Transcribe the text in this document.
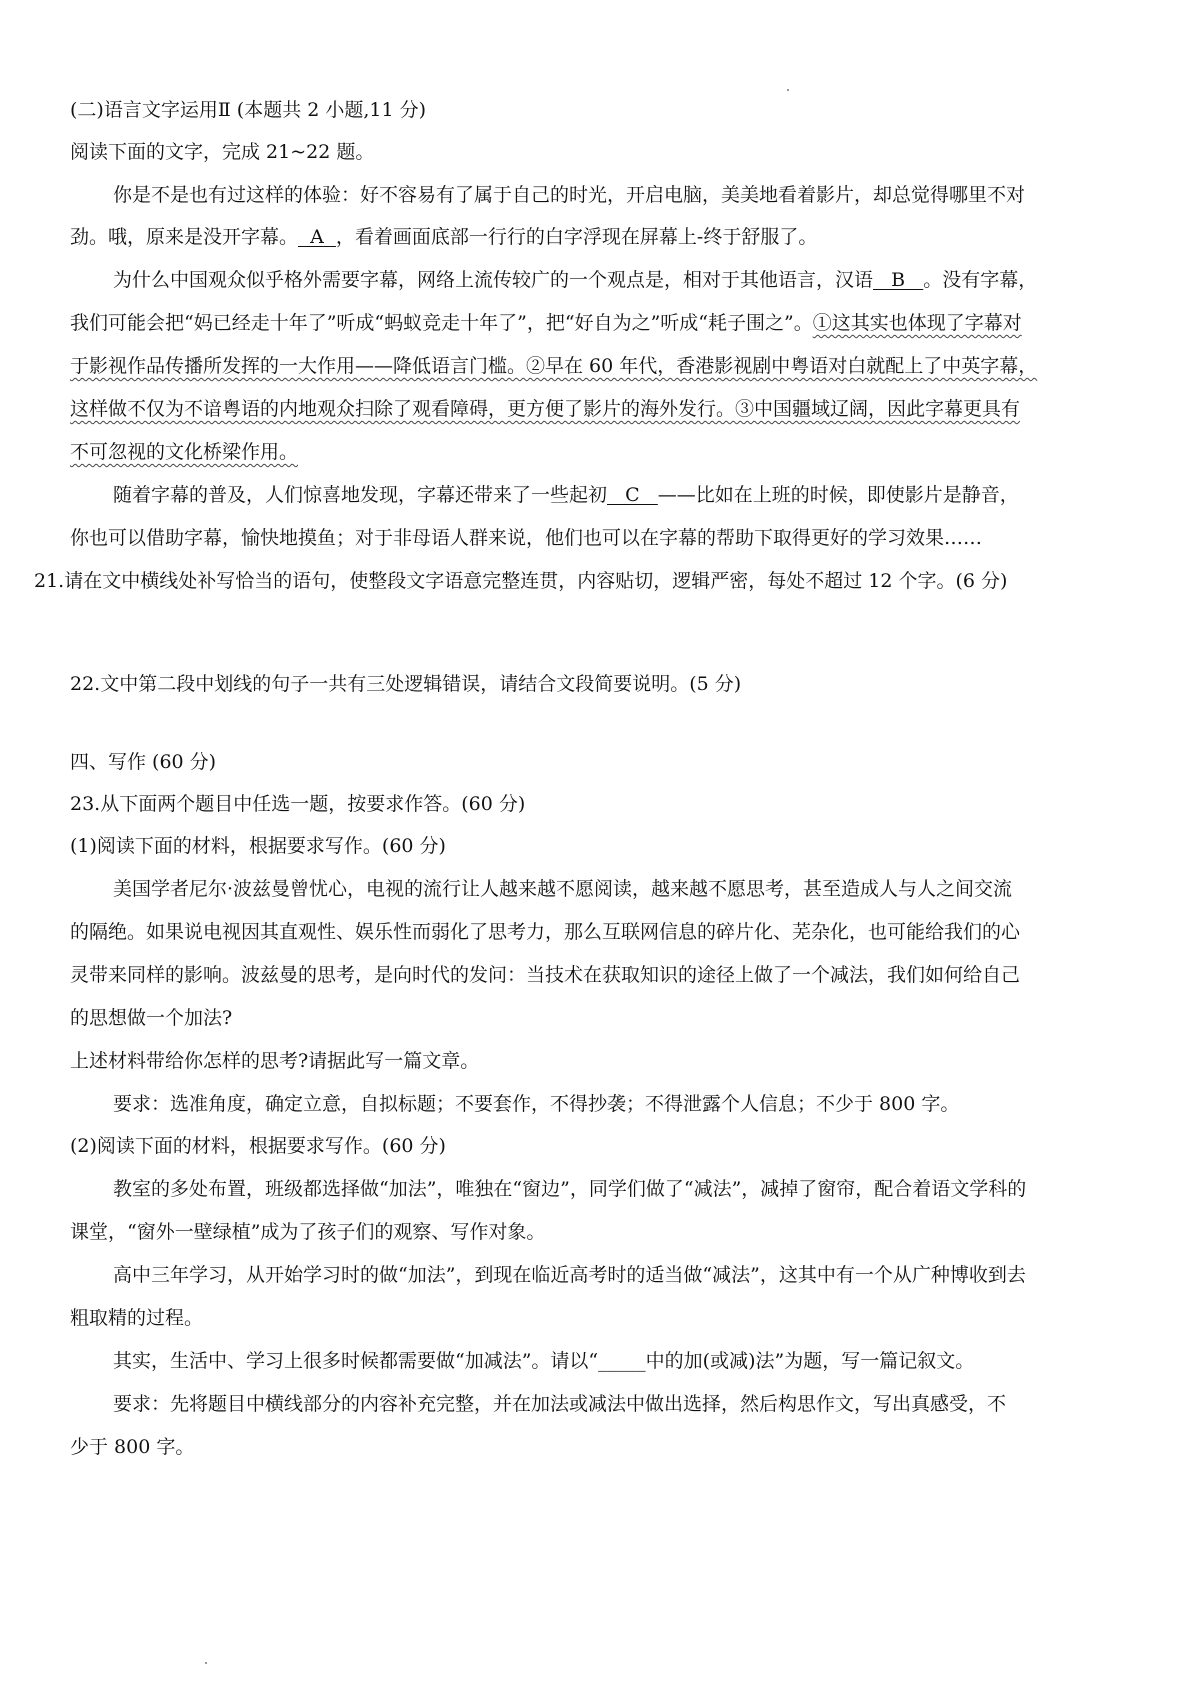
(二)语言文字运用Ⅱ (本题共 2 小题,11 分)
阅读下面的文字，完成 21~22 题。
你是不是也有过这样的体验：好不容易有了属于自己的时光，开启电脑，美美地看着影片，却总觉得哪里不对
劲。哦，原来是没开字幕。  A  ，看着画面底部一行行的白字浮现在屏幕上-终于舒服了。
为什么中国观众似乎格外需要字幕，网络上流传较广的一个观点是，相对于其他语言，汉语   B   。没有字幕，
我们可能会把“妈已经走十年了”听成“蚂蚁竞走十年了”，把“好自为之”听成“耗子围之”。①这其实也体现了字幕对
于影视作品传播所发挥的一大作用——降低语言门槛。②早在 60 年代，香港影视剧中粤语对白就配上了中英字幕，
这样做不仅为不谙粤语的内地观众扫除了观看障碍，更方便了影片的海外发行。③中国疆域辽阔，因此字幕更具有
不可忽视的文化桥梁作用。
随着字幕的普及，人们惊喜地发现，字幕还带来了一些起初   C   ——比如在上班的时候，即使影片是静音，
你也可以借助字幕，愉快地摸鱼；对于非母语人群来说，他们也可以在字幕的帮助下取得更好的学习效果……
21.请在文中横线处补写恰当的语句，使整段文字语意完整连贯，内容贴切，逻辑严密，每处不超过 12 个字。(6 分)
22.文中第二段中划线的句子一共有三处逻辑错误，请结合文段简要说明。(5 分)
四、写作 (60 分)
23.从下面两个题目中任选一题，按要求作答。(60 分)
(1)阅读下面的材料，根据要求写作。(60 分)
美国学者尼尔·波兹曼曾忧心，电视的流行让人越来越不愿阅读，越来越不愿思考，甚至造成人与人之间交流
的隔绝。如果说电视因其直观性、娱乐性而弱化了思考力，那么互联网信息的碎片化、芜杂化，也可能给我们的心
灵带来同样的影响。波兹曼的思考，是向时代的发问：当技术在获取知识的途径上做了一个减法，我们如何给自己
的思想做一个加法?
上述材料带给你怎样的思考?请据此写一篇文章。
要求：选准角度，确定立意，自拟标题；不要套作，不得抄袭；不得泄露个人信息；不少于 800 字。
(2)阅读下面的材料，根据要求写作。(60 分)
教室的多处布置，班级都选择做“加法”，唯独在“窗边”，同学们做了“减法”，减掉了窗帘，配合着语文学科的
课堂，“窗外一壁绿植”成为了孩子们的观察、写作对象。
高中三年学习，从开始学习时的做“加法”，到现在临近高考时的适当做“减法”，这其中有一个从广种博收到去
粗取精的过程。
其实，生活中、学习上很多时候都需要做“加减法”。请以“_____中的加(或减)法”为题，写一篇记叙文。
要求：先将题目中横线部分的内容补充完整，并在加法或减法中做出选择，然后构思作文，写出真感受，不
少于 800 字。
